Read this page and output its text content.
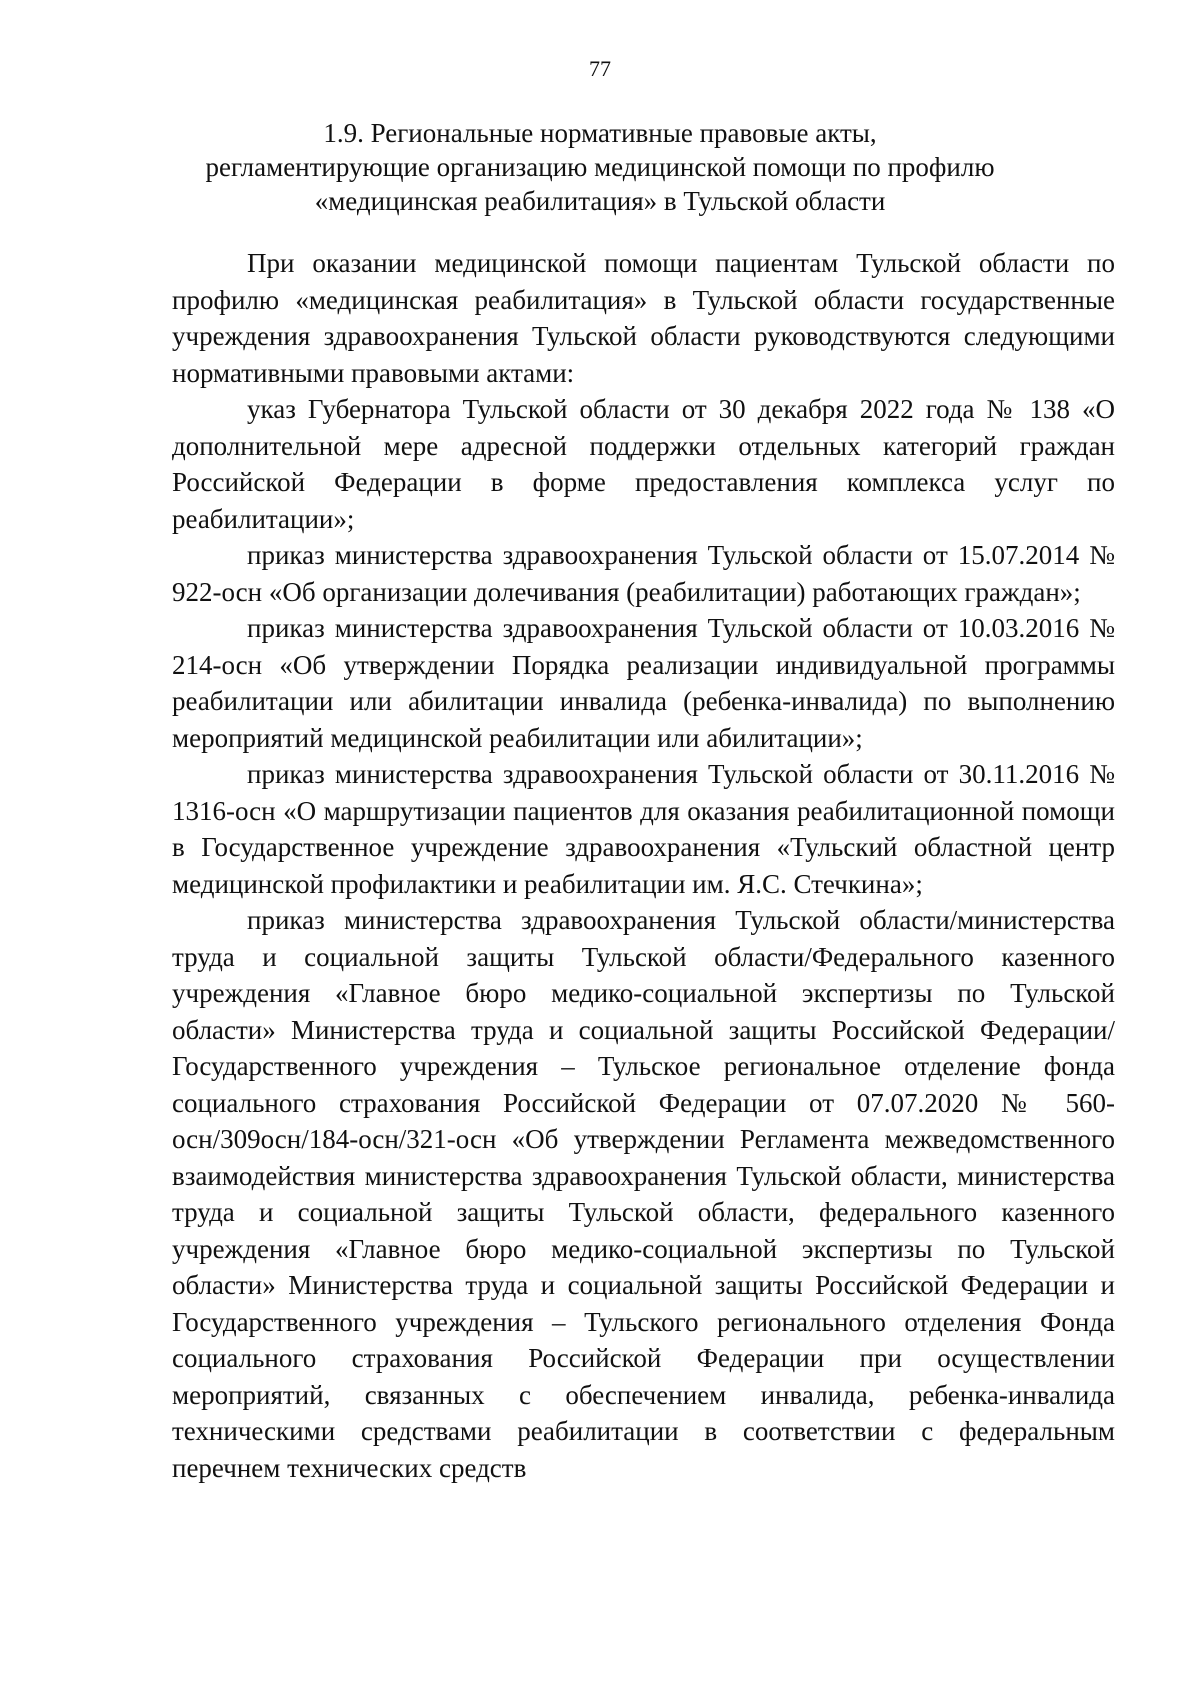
77
1.9. Региональные нормативные правовые акты,
регламентирующие организацию медицинской помощи по профилю
«медицинская реабилитация» в Тульской области

При оказании медицинской помощи пациентам Тульской области по профилю «медицинская реабилитация» в Тульской области государственные учреждения здравоохранения Тульской области руководствуются следующими нормативными правовыми актами:

указ Губернатора Тульской области от 30 декабря 2022 года № 138 «О дополнительной мере адресной поддержки отдельных категорий граждан Российской Федерации в форме предоставления комплекса услуг по реабилитации»;

приказ министерства здравоохранения Тульской области от 15.07.2014 № 922-осн «Об организации долечивания (реабилитации) работающих граждан»;

приказ министерства здравоохранения Тульской области от 10.03.2016 № 214-осн «Об утверждении Порядка реализации индивидуальной программы реабилитации или абилитации инвалида (ребенка-инвалида) по выполнению мероприятий медицинской реабилитации или абилитации»;

приказ министерства здравоохранения Тульской области от 30.11.2016 № 1316-осн «О маршрутизации пациентов для оказания реабилитационной помощи в Государственное учреждение здравоохранения «Тульский областной центр медицинской профилактики и реабилитации им. Я.С. Стечкина»;

приказ министерства здравоохранения Тульской области/министерства труда и социальной защиты Тульской области/Федерального казенного учреждения «Главное бюро медико-социальной экспертизы по Тульской области» Министерства труда и социальной защиты Российской Федерации/Государственного учреждения – Тульское региональное отделение фонда социального страхования Российской Федерации от 07.07.2020 № 560-осн/309осн/184-осн/321-осн «Об утверждении Регламента межведомственного взаимодействия министерства здравоохранения Тульской области, министерства труда и социальной защиты Тульской области, федерального казенного учреждения «Главное бюро медико-социальной экспертизы по Тульской области» Министерства труда и социальной защиты Российской Федерации и Государственного учреждения – Тульского регионального отделения Фонда социального страхования Российской Федерации при осуществлении мероприятий, связанных с обеспечением инвалида, ребенка-инвалида техническими средствами реабилитации в соответствии с федеральным перечнем технических средств
